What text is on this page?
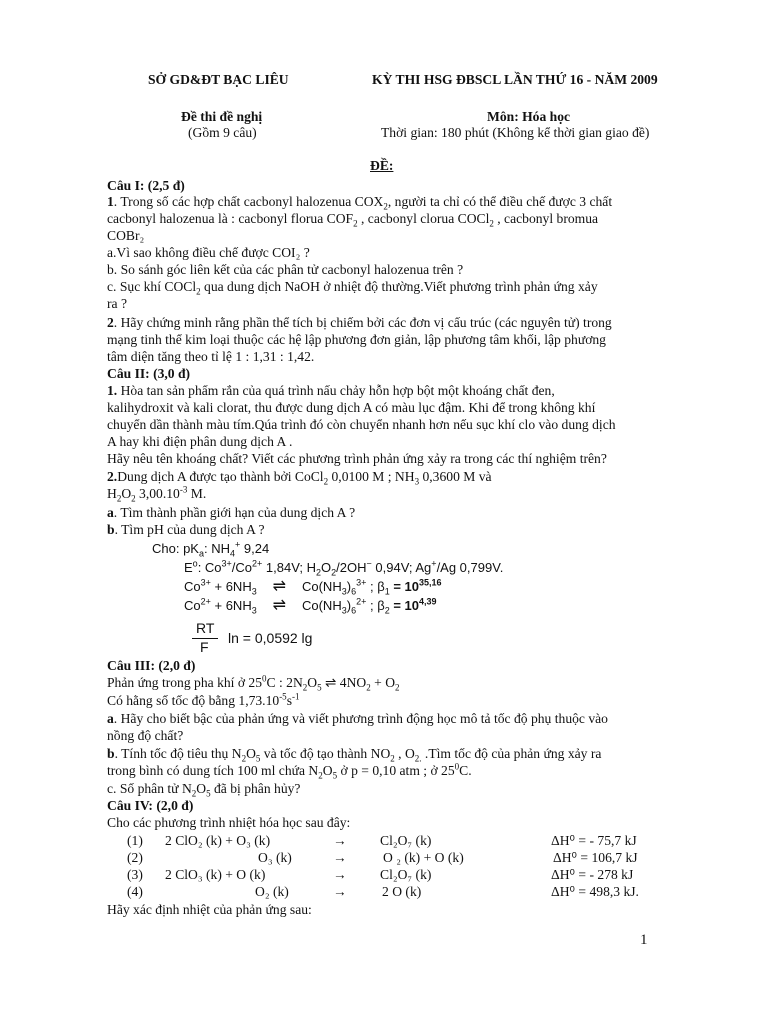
SỞ GD&ĐT BẠC LIÊU	KỲ THI HSG ĐBSCL LẦN THỨ 16 - NĂM 2009
Đề thi đề nghị
(Gồm 9 câu)
Môn: Hóa học
Thời gian: 180 phút (Không kể thời gian giao đề)
ĐỀ:
Câu I: (2,5 đ)
1. Trong số các hợp chất cacbonyl halozenua $COX_2$, người ta chỉ có thể điều chế được 3 chất
cacbonyl halozenua là : cacbonyl florua $COF_2$ , cacbonyl clorua COCl$_2$ , cacbonyl bromua
COBr₂
a.Vì sao không điều chế được COI₂ ?
b. So sánh góc liên kết của các phân tử cacbonyl halozenua trên ?
c. Sục khí COCl$_2$ qua dung dịch NaOH ở nhiệt độ thường.Viết phương trình phản ứng xảy
ra ?
2. Hãy chứng minh rằng phần thể tích bị chiếm bởi các đơn vị cấu trúc (các nguyên tử) trong
mạng tinh thể kim loại thuộc các hệ lập phương đơn giản, lập phương tâm khối, lập phương
tâm diện tăng theo tỉ lệ 1 : 1,31 : 1,42.
Câu II: (3,0 đ)
1. Hòa tan sản phẩm rắn của quá trình nấu chảy hỗn hợp bột một khoáng chất đen,
kalihydroxit và kali clorat, thu được dung dịch A có màu lục đậm. Khi để trong không khí
chuyển dần thành màu tím.Qúa trình đó còn chuyển nhanh hơn nếu sục khí clo vào dung dịch
A hay khi điện phân dung dịch A .
Hãy nêu tên khoáng chất? Viết các phương trình phản ứng xảy ra trong các thí nghiệm trên?
2.Dung dịch A được tạo thành bởi CoCl$_2$ 0,0100 M ; $NH_3$ 0,3600 M và
$H_2O_2$ $3,00.10^{-3}$ M.
a. Tìm thành phần giới hạn của dung dịch A ?
b. Tìm pH của dung dịch A ?
Cho: $pK_a$: $NH_4^+$ 9,24
$E^o$: $Co^{3+}/Co^{2+}$ 1,84V; $H_2O_2/2OH^-$ 0,94V; Ag+/Ag 0,799V.
$Co^{3+} + 6NH_3$ ⇌ $Co(NH_3)_6^{3+}$ ; $\beta_1 = 10^{35,16}$
$Co^{2+} + 6NH_3$ ⇌ $Co(NH_3)_6^{2+}$ ; $\beta_2 = 10^{4,39}$
RT
F
ln = 0,0592 lg
Câu III: (2,0 đ)
Phản ứng trong pha khí ở $25^0C$ : $2N_2O_5$ ⇌ $4NO_2 + O_2$
Có hằng số tốc độ bằng $1,73.10^{-5}s^{-1}$
a. Hãy cho biết bậc của phản ứng và viết phương trình động học mô tả tốc độ phụ thuộc vào
nồng độ chất?
b. Tính tốc độ tiêu thụ $N_2O_5$ và tốc độ tạo thành $NO_2$ , $O_{2.}$ .Tìm tốc độ của phản ứng xảy ra
trong bình có dung tích 100 ml chứa $N_2O_5$ ở p = 0,10 atm ; ở $25^0C$.
c. Số phân tử $N_2O_5$ đã bị phân hủy?
Câu IV: (2,0 đ)
Cho các phương trình nhiệt hóa học sau đây:
(1) 2 ClO₂ (k) + O₃ (k)	→ Cl₂O₇ (k)	ΔH⁰ = - 75,7 kJ
(2)	O₃ (k)	→	O ₂ (k) + O (k)	ΔH⁰ = 106,7 kJ
(3) 2 ClO₃ (k) + O (k)	→ Cl₂O₇ (k)	ΔH⁰ = - 278 kJ
(4)	O₂ (k)	→	2 O (k)	ΔH⁰ = 498,3 kJ.
Hãy xác định nhiệt của phản ứng sau:
1
